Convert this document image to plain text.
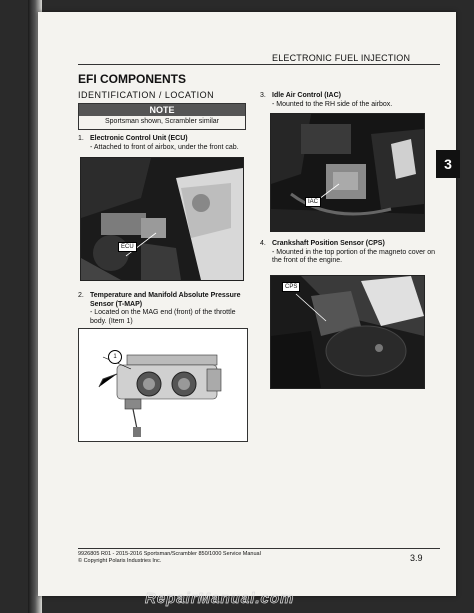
ELECTRONIC FUEL INJECTION
EFI COMPONENTS
IDENTIFICATION / LOCATION
NOTE
Sportsman shown, Scrambler similar
1. Electronic Control Unit (ECU)
- Attached to front of airbox, under the front cab.
ECU
2. Temperature and Manifold Absolute Pressure Sensor (T-MAP)
- Located on the MAG end (front) of the throttle body. (Item 1)
1
3. Idle Air Control (IAC)
- Mounted to the RH side of the airbox.
IAC
4. Crankshaft Position Sensor (CPS)
- Mounted in the top portion of the magneto cover on the front of the engine.
CPS
3
9926805 R01 - 2015-2016 Sportsman/Scrambler 850/1000 Service Manual
© Copyright Polaris Industries Inc.	3.9
RepairManual.com
